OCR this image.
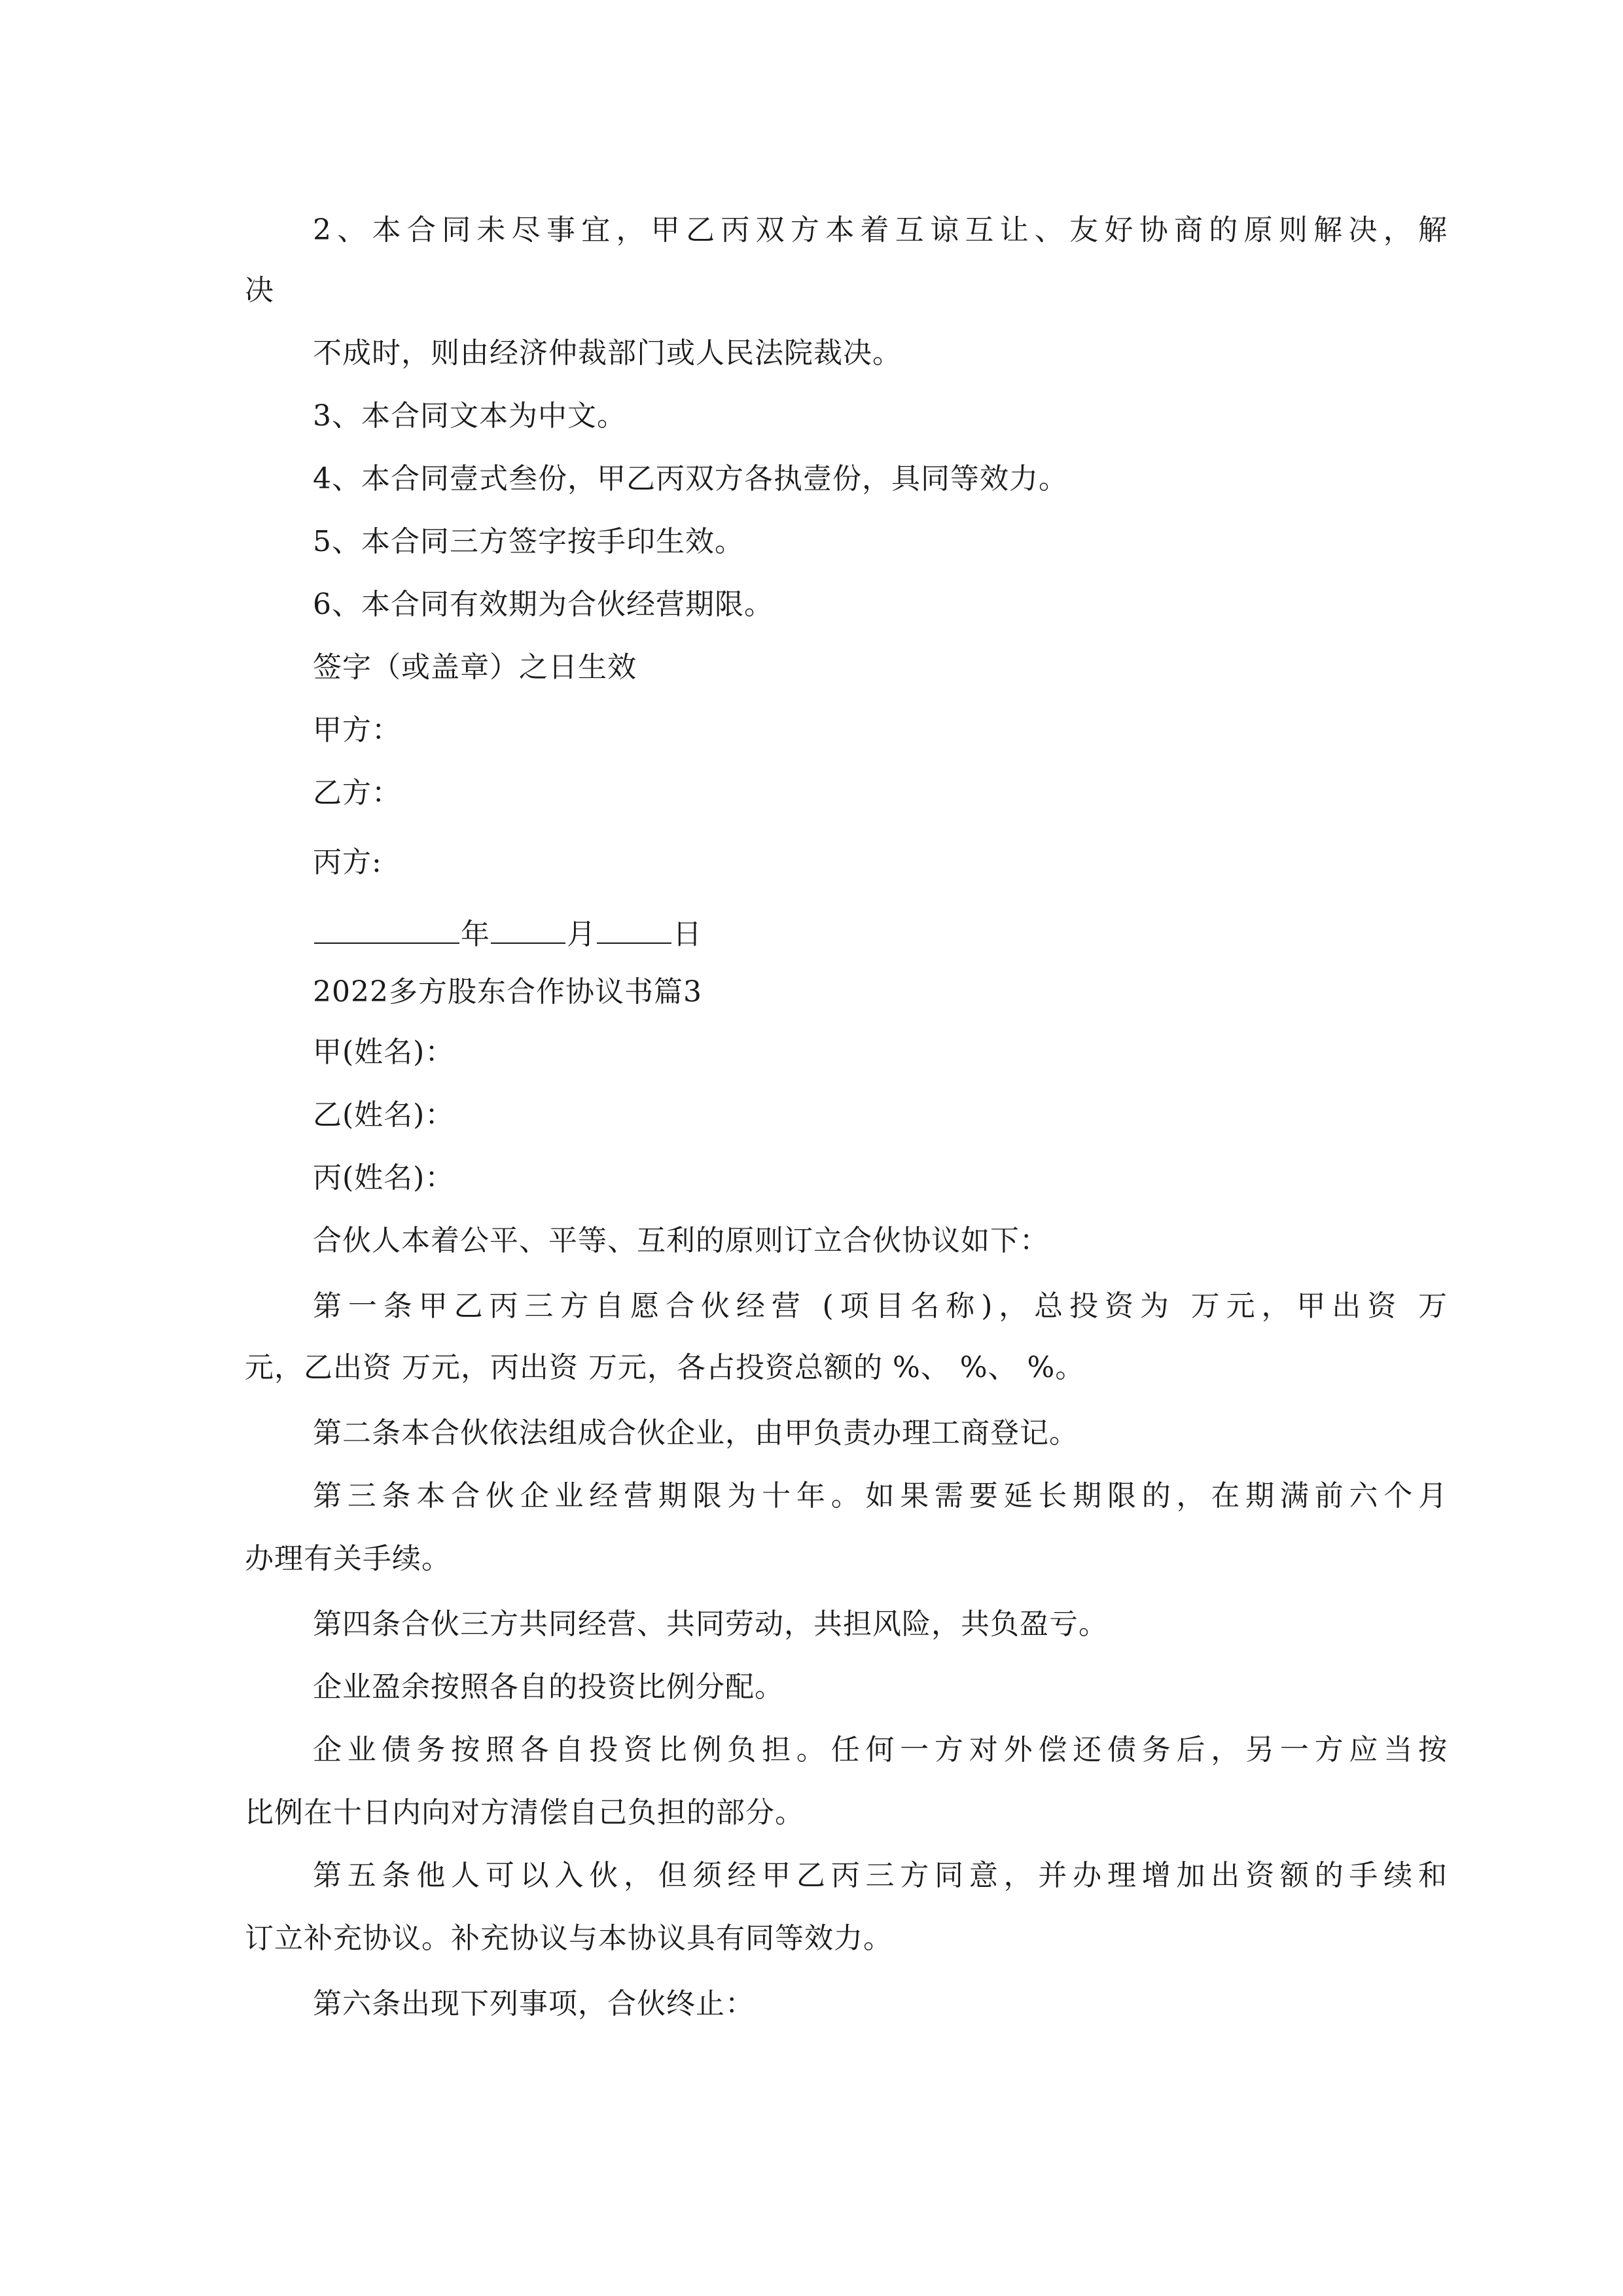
2、本合同未尽事宜，甲乙丙双方本着互谅互让、友好协商的原则解决，解
决
不成时，则由经济仲裁部门或人民法院裁决。
3、本合同文本为中文。
4、本合同壹式叁份，甲乙丙双方各执壹份，具同等效力。
5、本合同三方签字按手印生效。
6、本合同有效期为合伙经营期限。
签字（或盖章）之日生效
甲方：
乙方：
丙方:
年	月	日
2022多方股东合作协议书篇3
甲(姓名)：
乙(姓名)：
丙(姓名)：
合伙人本着公平、平等、互利的原则订立合伙协议如下：
第一条甲乙丙三方自愿合伙经营 (项目名称)，总投资为 万元，甲出资 万
元，乙出资 万元，丙出资 万元，各占投资总额的 %、 %、 %。
第二条本合伙依法组成合伙企业，由甲负责办理工商登记。
第三条本合伙企业经营期限为十年。如果需要延长期限的，在期满前六个月
办理有关手续。
第四条合伙三方共同经营、共同劳动，共担风险，共负盈亏。
企业盈余按照各自的投资比例分配。
企业债务按照各自投资比例负担。任何一方对外偿还债务后，另一方应当按
比例在十日内向对方清偿自己负担的部分。
第五条他人可以入伙，但须经甲乙丙三方同意，并办理增加出资额的手续和
订立补充协议。补充协议与本协议具有同等效力。
第六条出现下列事项，合伙终止：
